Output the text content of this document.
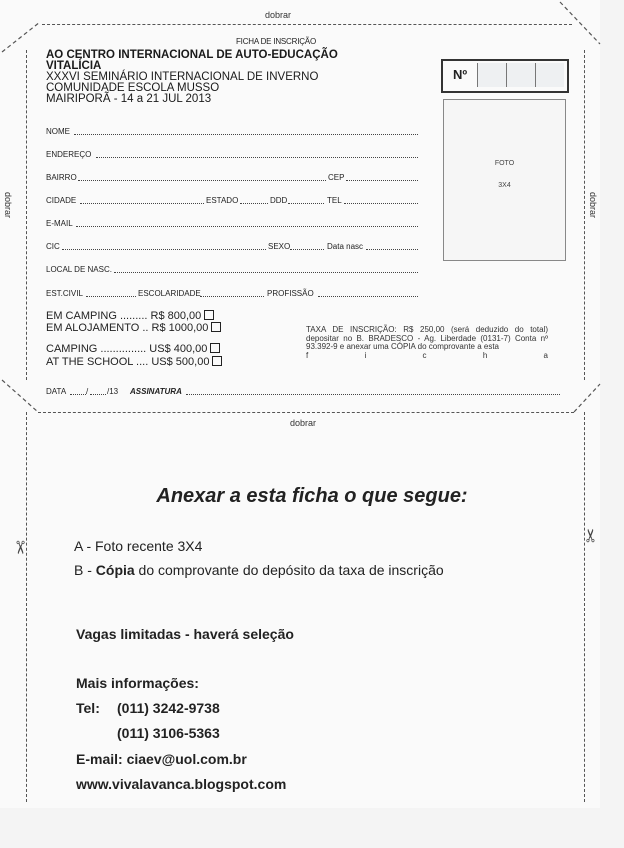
dobrar
dobrar
dobrar	dobrar
✂
✂
FICHA DE INSCRIÇÃO
AO CENTRO INTERNACIONAL DE AUTO-EDUCAÇÃO
VITALÍCIA
XXXVI SEMINÁRIO INTERNACIONAL DE INVERNO
COMUNIDADE ESCOLA MUSSO
MAIRIPORÃ - 14 a 21 JUL 2013
Nº
FOTO
3X4
NOME
ENDEREÇO
BAIRRO	CEP
CIDADE	ESTADO	DDD	TEL
E-MAIL
CIC	SEXO	Data nasc
LOCAL DE NASC.
EST.CIVIL	ESCOLARIDADE	PROFISSÃO
EM CAMPING ......... R$ 800,00
EM ALOJAMENTO .. R$ 1000,00
CAMPING ............... US$ 400,00
AT THE SCHOOL .... US$ 500,00
TAXA DE INSCRIÇÃO: R$ 250,00 (será deduzido do total) depositar no B. BRADESCO - Ag. Liberdade (0131-7) Conta nº 93.392-9 e anexar uma CÓPIA do comprovante a esta
f	i	c	h	a
DATA / /13 ASSINATURA
Anexar a esta ficha o que segue:
A - Foto recente 3X4
B - Cópia do comprovante do depósito da taxa de inscrição
Vagas limitadas - haverá seleção
Mais informações:
Tel: (011) 3242-9738
(011) 3106-5363
E-mail: ciaev@uol.com.br
www.vivalavanca.blogspot.com
